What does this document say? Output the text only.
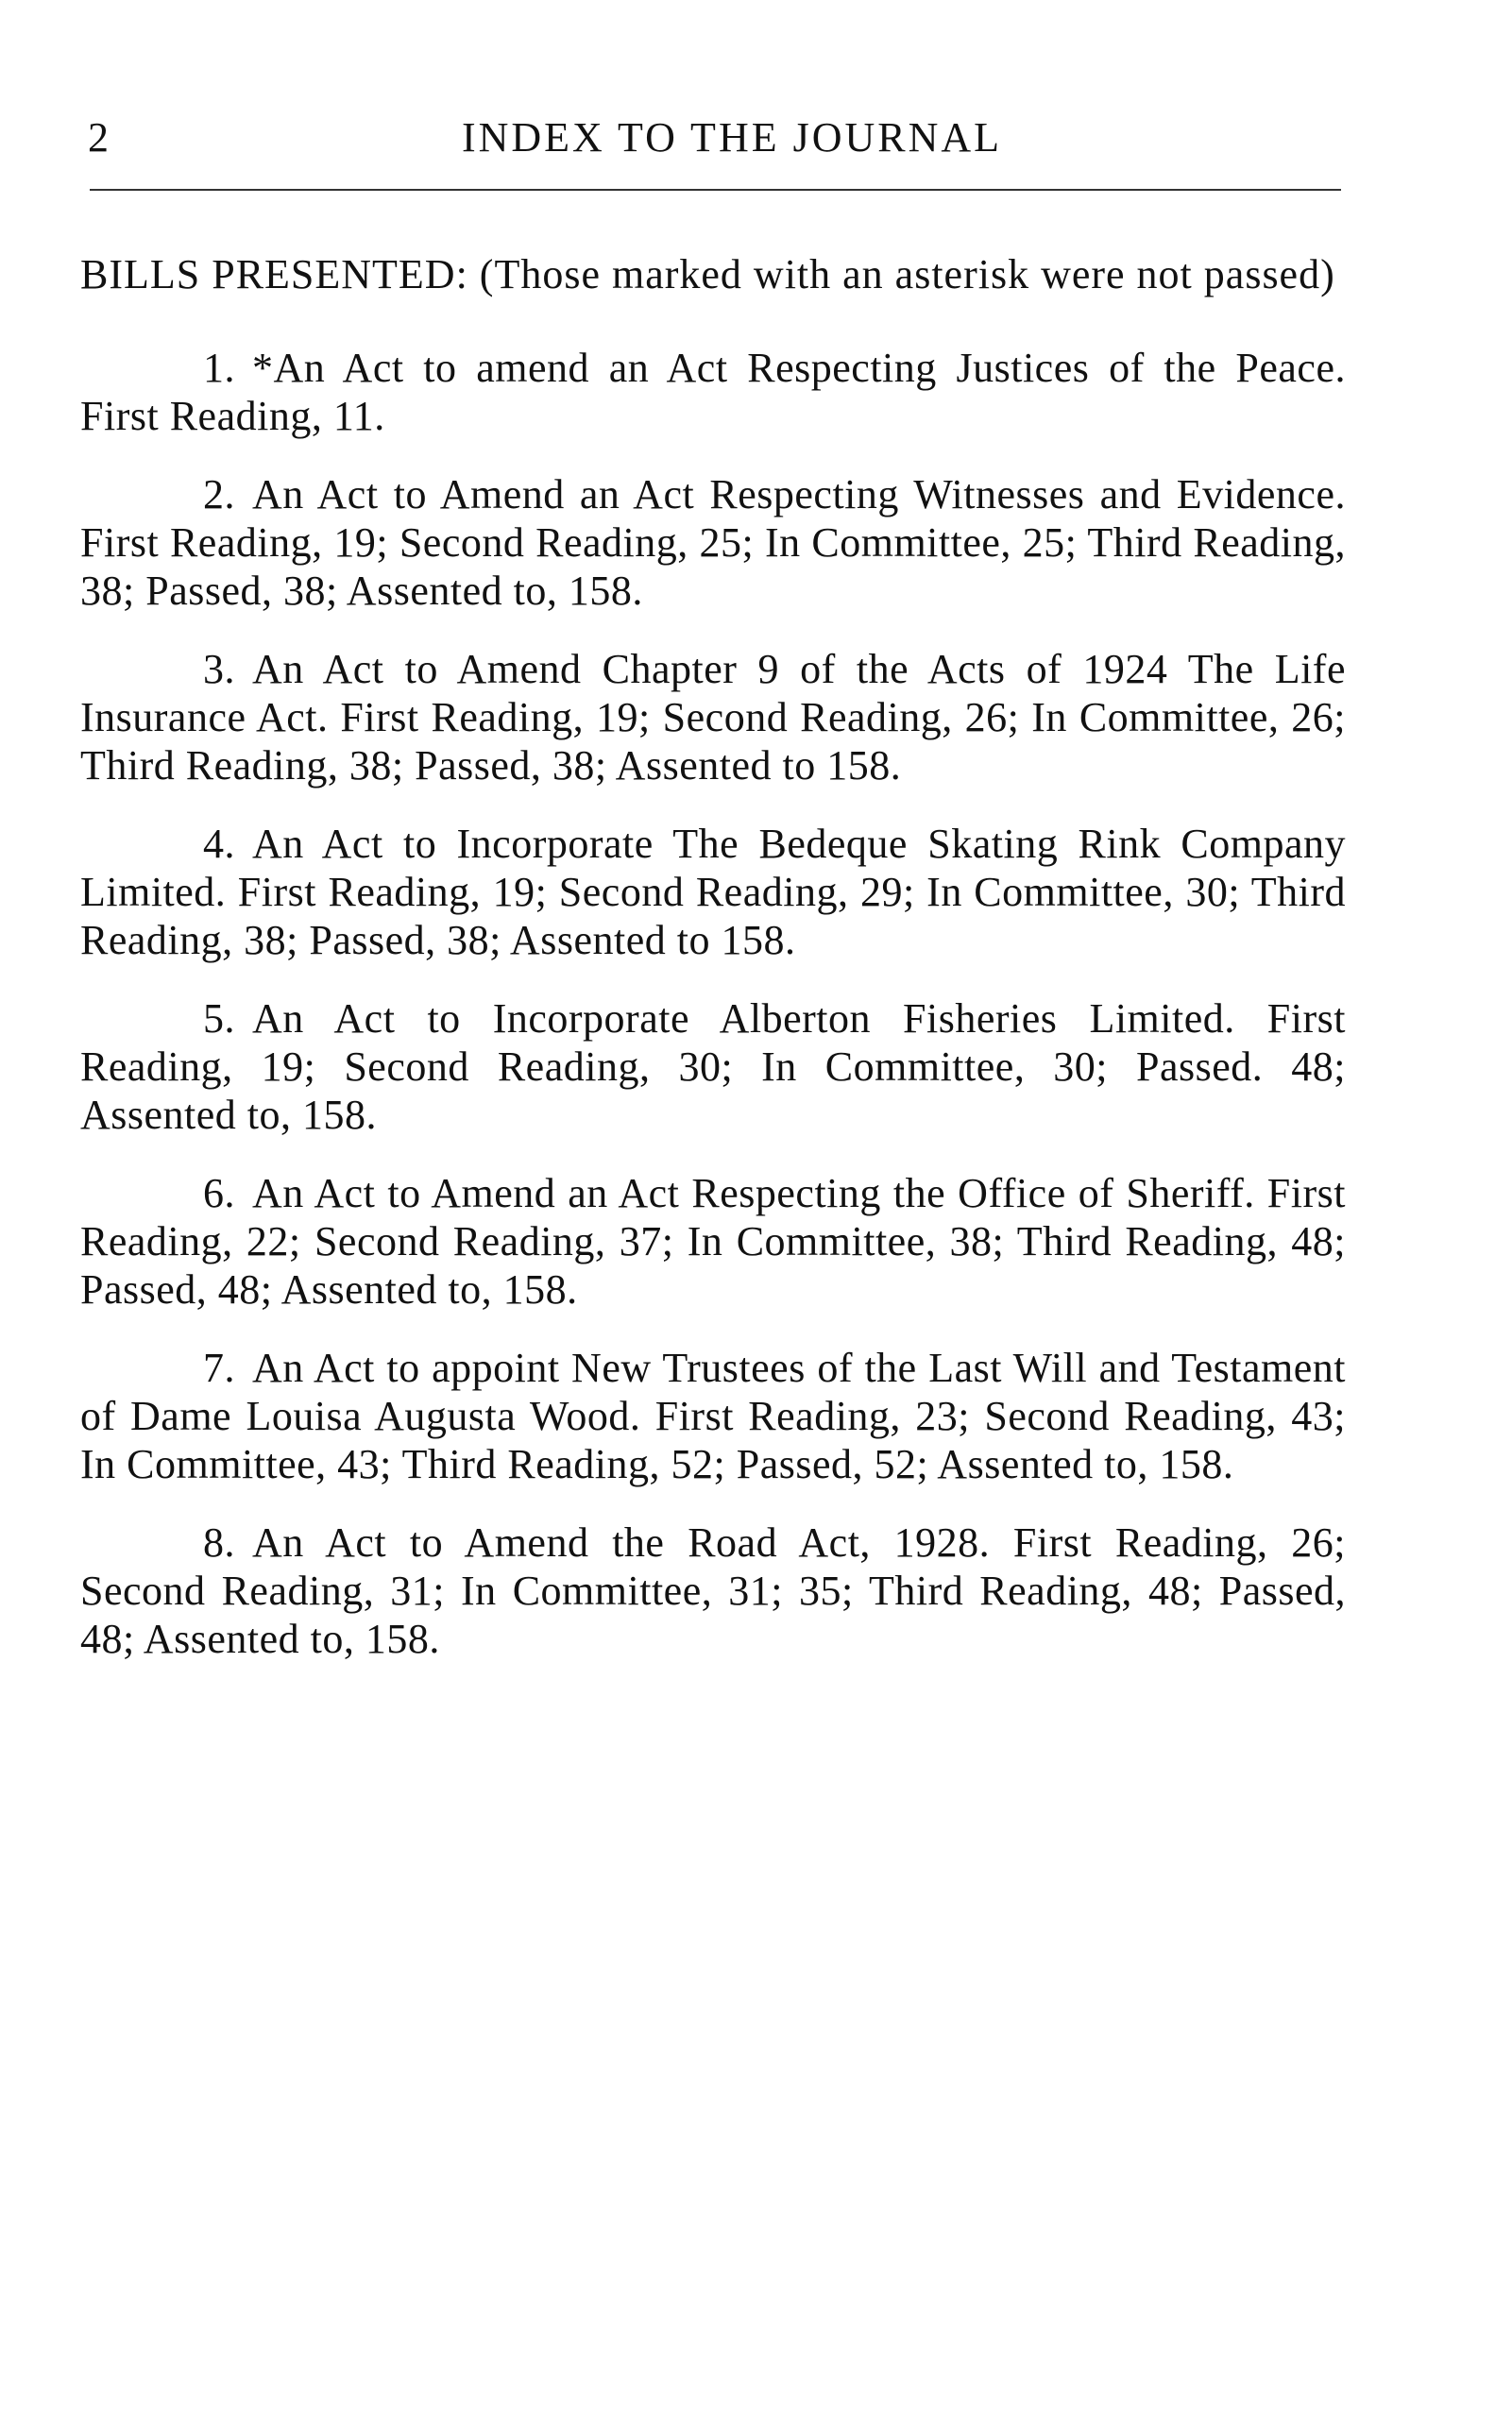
2	INDEX TO THE JOURNAL

BILLS PRESENTED: (Those marked with an asterisk were not passed)

1. *An Act to amend an Act Respecting Justices of the Peace. First Reading, 11.

2. An Act to Amend an Act Respecting Witnesses and Evidence. First Reading, 19; Second Reading, 25; In Committee, 25; Third Reading, 38; Passed, 38; Assented to, 158.

3. An Act to Amend Chapter 9 of the Acts of 1924 The Life Insurance Act. First Reading, 19; Second Reading, 26; In Committee, 26; Third Reading, 38; Passed, 38; Assented to 158.

4. An Act to Incorporate The Bedeque Skating Rink Company Limited. First Reading, 19; Second Reading, 29; In Committee, 30; Third Reading, 38; Passed, 38; Assented to 158.

5. An Act to Incorporate Alberton Fisheries Limited. First Reading, 19; Second Reading, 30; In Committee, 30; Passed. 48; Assented to, 158.

6. An Act to Amend an Act Respecting the Office of Sheriff. First Reading, 22; Second Reading, 37; In Committee, 38; Third Reading, 48; Passed, 48; Assented to, 158.

7. An Act to appoint New Trustees of the Last Will and Testament of Dame Louisa Augusta Wood. First Reading, 23; Second Reading, 43; In Committee, 43; Third Reading, 52; Passed, 52; Assented to, 158.

8. An Act to Amend the Road Act, 1928. First Reading, 26; Second Reading, 31; In Committee, 31; 35; Third Reading, 48; Passed, 48; Assented to, 158.
